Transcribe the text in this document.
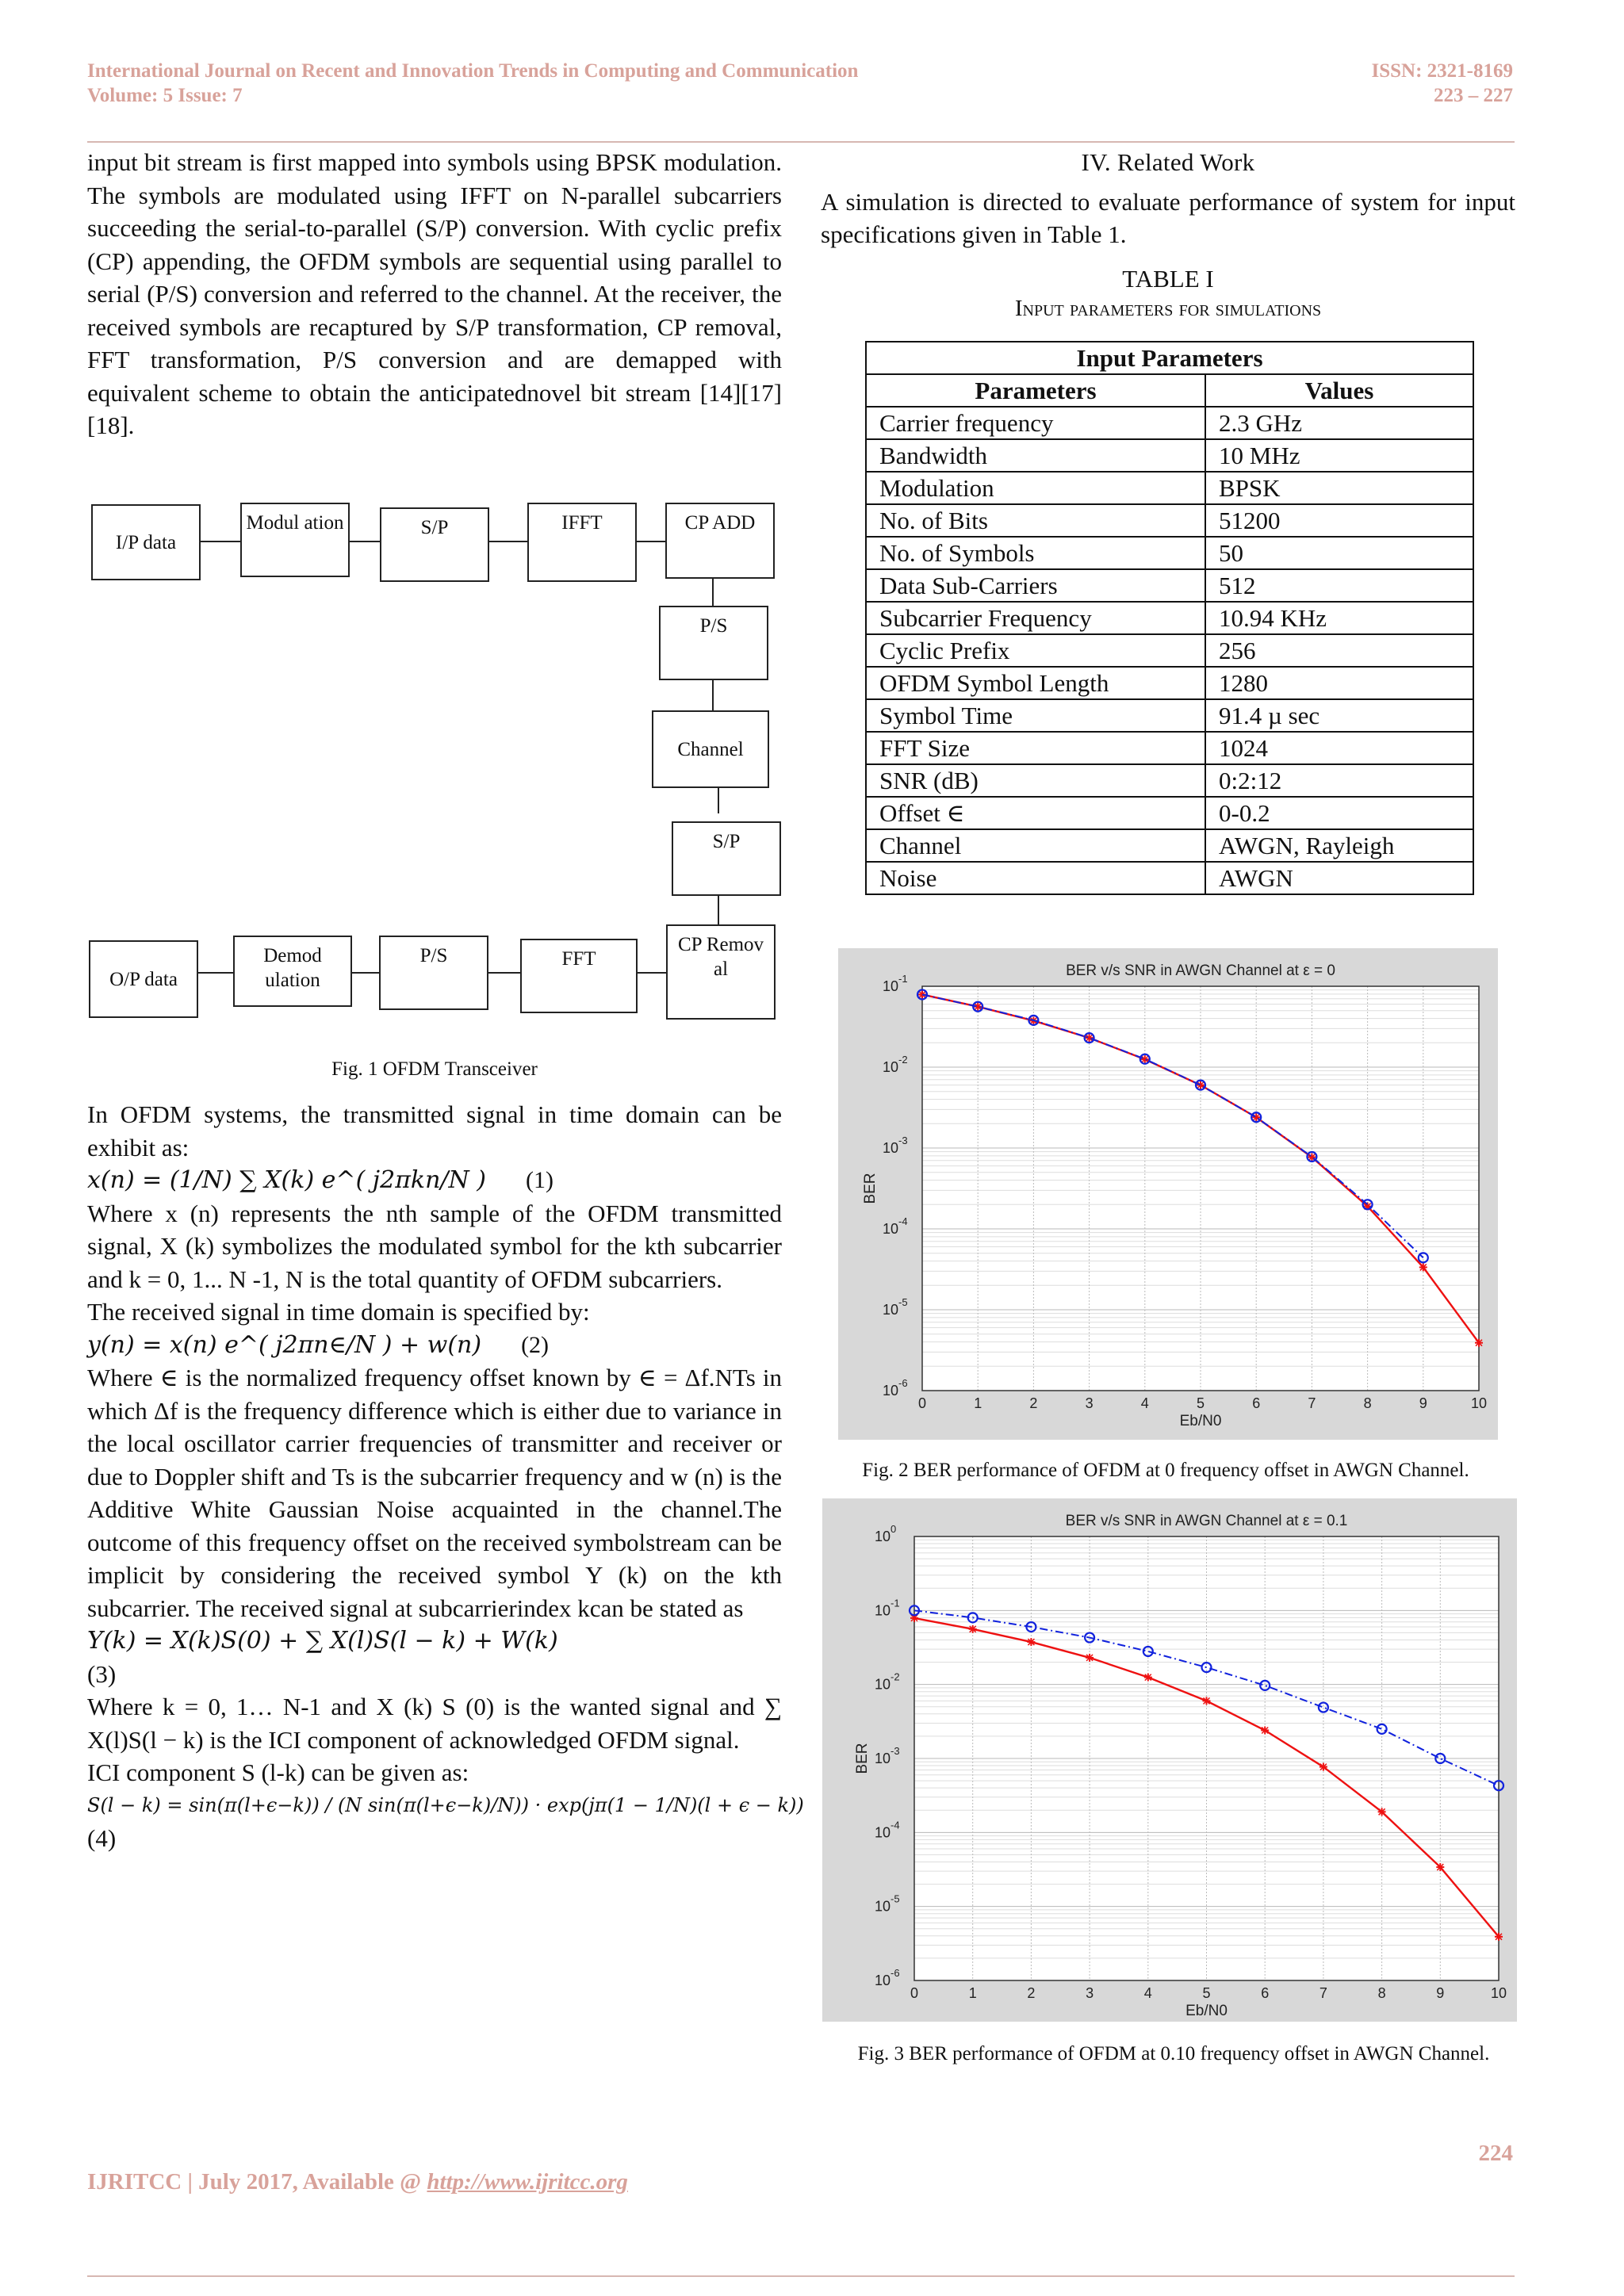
International Journal on Recent and Innovation Trends in Computing and Communication
Volume: 5 Issue: 7
ISSN: 2321-8169
223 – 227

input bit stream is first mapped into symbols using BPSK modulation. The symbols are modulated using IFFT on N-parallel subcarriers succeeding the serial-to-parallel (S/P) conversion. With cyclic prefix (CP) appending, the OFDM symbols are sequential using parallel to serial (P/S) conversion and referred to the channel. At the receiver, the received symbols are recaptured by S/P transformation, CP removal, FFT transformation, P/S conversion and are demapped with equivalent scheme to obtain the anticipatednovel bit stream [14][17][18].

Fig. 1 OFDM Transceiver

In OFDM systems, the transmitted signal in time domain can be exhibit as:

x(n) = (1/N) ∑ X(k) e^( j2πkn/N ) (1)

Where x (n) represents the nth sample of the OFDM transmitted signal, X (k) symbolizes the modulated symbol for the kth subcarrier and k = 0, 1... N -1, N is the total quantity of OFDM subcarriers.

The received signal in time domain is specified by:

y(n) = x(n) e^( j2πn∈/N ) + w(n) (2)

Where ∈ is the normalized frequency offset known by ∈ = Δf.NTs in which Δf is the frequency difference which is either due to variance in the local oscillator carrier frequencies of transmitter and receiver or due to Doppler shift and Ts is the subcarrier frequency and w (n) is the Additive White Gaussian Noise acquainted in the channel.The outcome of this frequency offset on the received symbolstream can be implicit by considering the received symbol Y (k) on the kth subcarrier. The received signal at subcarrierindex kcan be stated as

Y(k) = X(k)S(0) + ∑ X(l)S(l − k) + W(k)

(3)

Where k = 0, 1… N-1 and X (k) S (0) is the wanted signal and ∑ X(l)S(l − k) is the ICI component of acknowledged OFDM signal.

ICI component S (l-k) can be given as:

S(l − k) = sin(π(l+ϵ−k)) / (N sin(π(l+ϵ−k)/N)) · exp(jπ(1 − 1/N)(l + ϵ − k))

(4)

I/P data
Modul ation	S/P	IFFT	CP ADD
P/S
Channel
S/P
CP Remov al
FFT
P/S
Demod ulation
O/P data

IV. Related Work

A simulation is directed to evaluate performance of system for input specifications given in Table 1.

TABLE I

Input parameters for simulations

Input Parameters	
Parameters	Values
Carrier frequency	2.3 GHz
Bandwidth	10 MHz
Modulation	BPSK
No. of Bits	51200
No. of Symbols	50
Data Sub-Carriers	512
Subcarrier Frequency	10.94 KHz
Cyclic Prefix	256
OFDM Symbol Length	1280
Symbol Time	91.4 µ sec
FFT Size	1024
SNR (dB)	0:2:12
Offset ∈	0-0.2
Channel	AWGN, Rayleigh
Noise	AWGN
0	1	2	3	4	5	6	7	8	9	10
10 -6
10 -5
10 -4
10 -3
10 -2
10 -1	BER v/s SNR in AWGN Channel at ε = 0
Eb/N0
BER
Fig. 2 BER performance of OFDM at 0 frequency offset in AWGN Channel.
0	1	2	3	4	5	6	7	8	9	10
10 -6
10 -5
10 -4
10 -3
10 -2
10 -1
10 0	BER v/s SNR in AWGN Channel at ε = 0.1
Eb/N0
BER
Fig. 3 BER performance of OFDM at 0.10 frequency offset in AWGN Channel.
224
IJRITCC | July 2017, Available @ http://www.ijritcc.org
